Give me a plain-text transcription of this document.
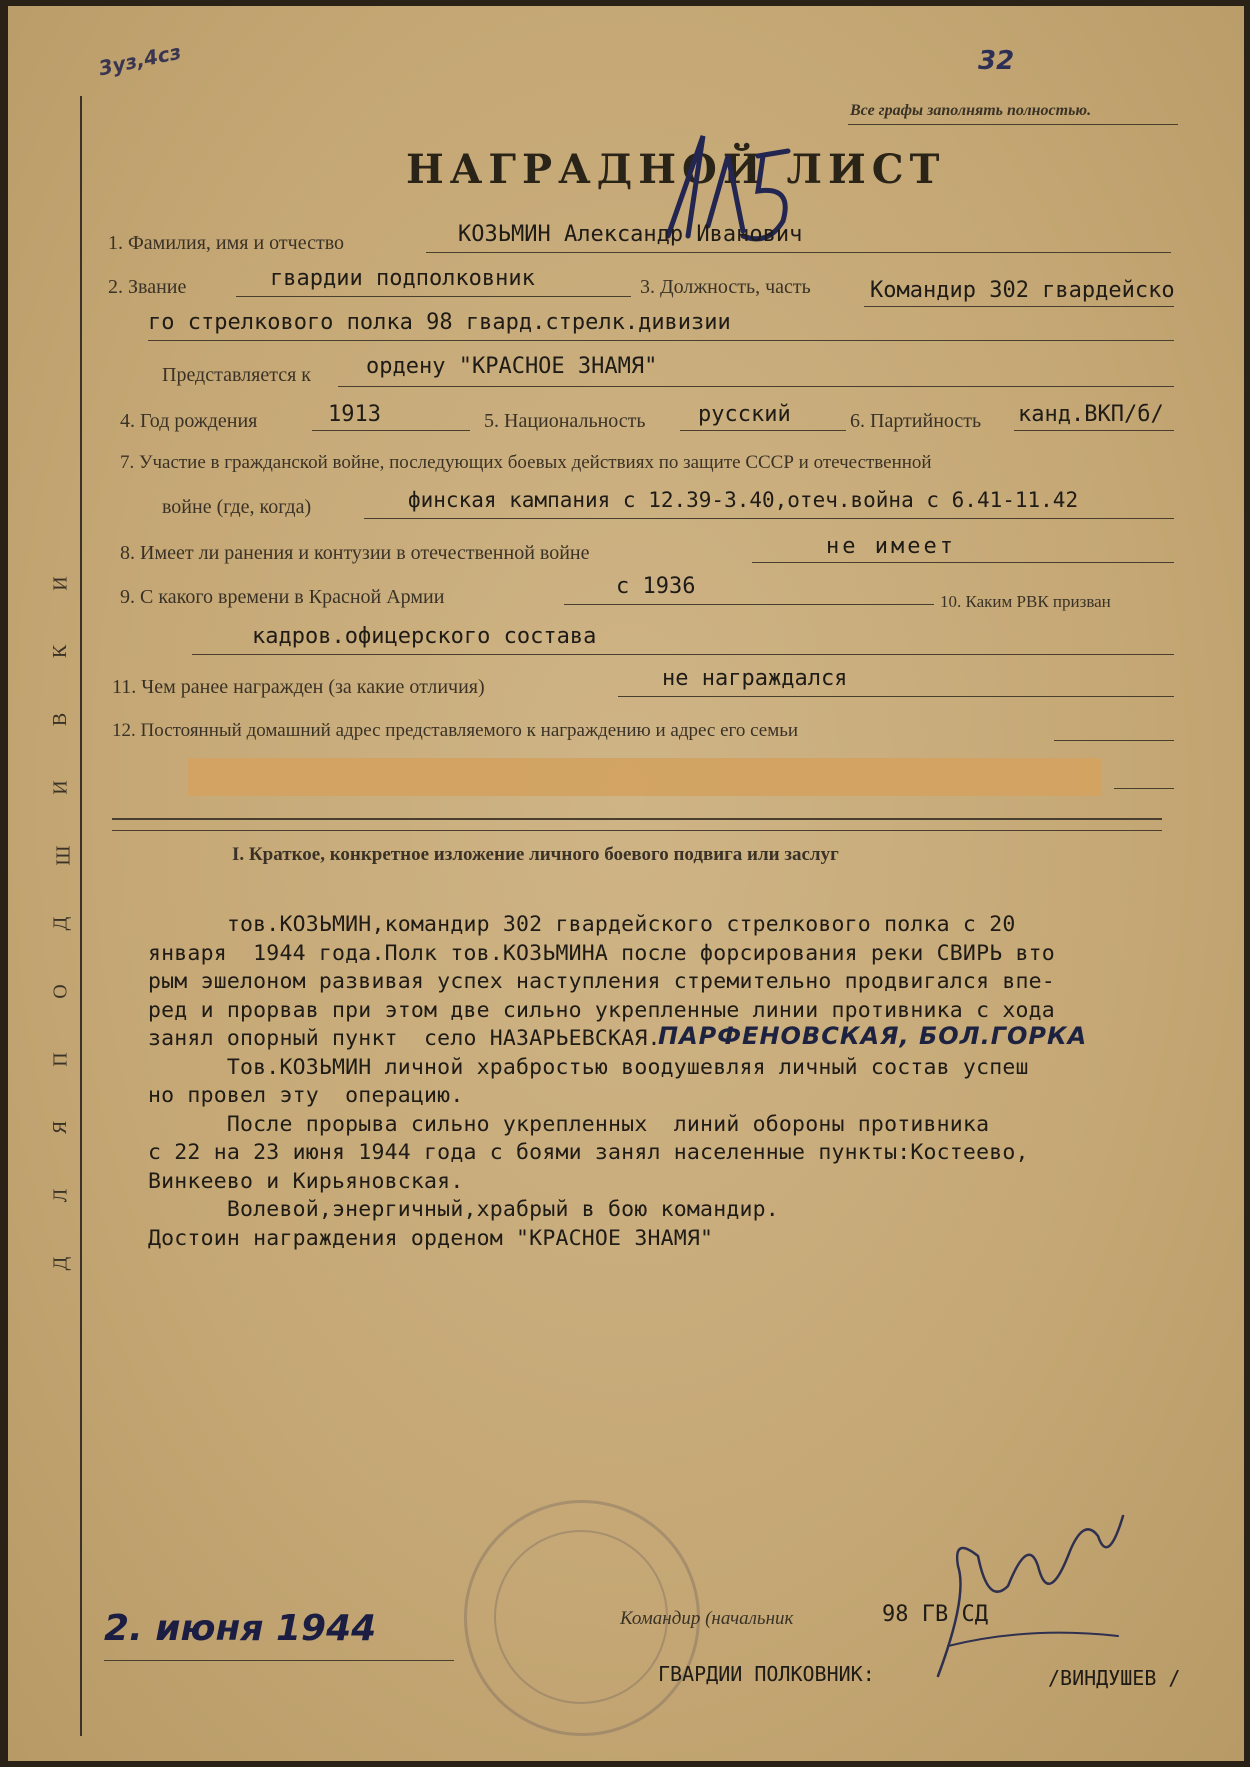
3уз,4сз	32
Все графы заполнять полностью.
Д
Л
Я
П
О
Д
Ш
И
В
К
И
НАГРАДНОЙ ЛИСТ
1. Фамилия, имя и отчество	КОЗЬМИН Александр Иванович
2. Звание	гвардии подполковник	3. Должность, часть	Командир 302 гвардейско
го стрелкового полка 98 гвард.стрелк.дивизии
Представляется к	ордену "КРАСНОЕ ЗНАМЯ"
4. Год рождения	1913	5. Национальность русский	6. Партийность канд.ВКП/б/
7. Участие в гражданской войне, последующих боевых действиях по защите СССР и отечественной
войне (где, когда)	финская кампания с 12.39-3.40,отеч.война с 6.41-11.42
8. Имеет ли ранения и контузии в отечественной войне	не имеет
9. С какого времени в Красной Армии	с 1936
10. Каким РВК призван
кадров.офицерского состава
11. Чем ранее награжден (за какие отличия)	не награждался
12. Постоянный домашний адрес представляемого к награждению и адрес его семьи
I. Краткое, конкретное изложение личного боевого подвига или заслуг
тов.КОЗЬМИН,командир 302 гвардейского стрелкового полка с 20
января  1944 года.Полк тов.КОЗЬМИНА после форсирования реки СВИРЬ вто
рым эшелоном развивая успех наступления стремительно продвигался впе-
ред и прорвав при этом две сильно укрепленные линии противника с хода
занял опорный пункт  село НАЗАРЬЕВСКАЯ.
Тов.КОЗЬМИН личной храбростью воодушевляя личный состав успеш
но провел эту  операцию.
После прорыва сильно укрепленных  линий обороны противника
с 22 на 23 июня 1944 года с боями занял населенные пункты:Костеево,
Винкеево и Кирьяновская.
Волевой,энергичный,храбрый в бою командир.
Достоин награждения орденом "КРАСНОЕ ЗНАМЯ"
ПАРФЕНОВСКАЯ, БОЛ.ГОРКА
2. июня 1944	Командир (начальник	98 ГВ СД
ГВАРДИИ ПОЛКОВНИК:	/ВИНДУШЕВ /
